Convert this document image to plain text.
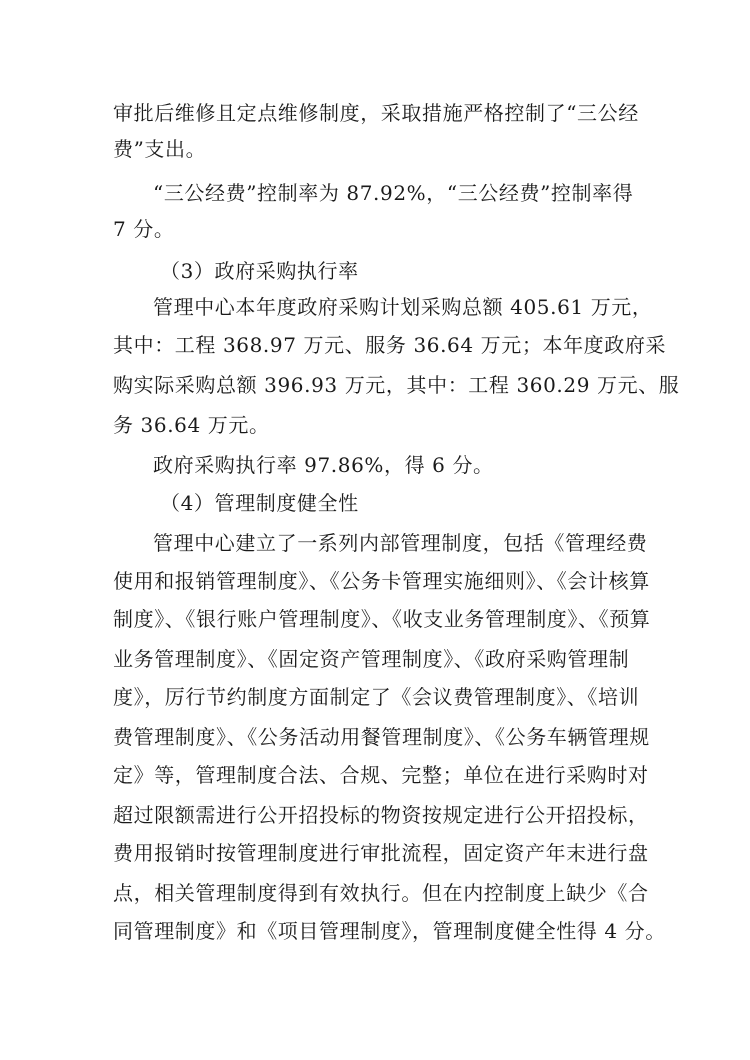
审批后维修且定点维修制度，采取措施严格控制了“三公经
费”支出。
“三公经费”控制率为 87.92%，“三公经费”控制率得
7 分。
（3）政府采购执行率
管理中心本年度政府采购计划采购总额 405.61 万元，
其中：工程 368.97 万元、服务 36.64 万元；本年度政府采
购实际采购总额 396.93 万元，其中：工程 360.29 万元、服
务 36.64 万元。
政府采购执行率 97.86%，得 6 分。
（4）管理制度健全性
管理中心建立了一系列内部管理制度，包括《管理经费
使用和报销管理制度》、《公务卡管理实施细则》、《会计核算
制度》、《银行账户管理制度》、《收支业务管理制度》、《预算
业务管理制度》、《固定资产管理制度》、《政府采购管理制
度》，厉行节约制度方面制定了《会议费管理制度》、《培训
费管理制度》、《公务活动用餐管理制度》、《公务车辆管理规
定》等，管理制度合法、合规、完整；单位在进行采购时对
超过限额需进行公开招投标的物资按规定进行公开招投标，
费用报销时按管理制度进行审批流程，固定资产年末进行盘
点，相关管理制度得到有效执行。但在内控制度上缺少《合
同管理制度》和《项目管理制度》，管理制度健全性得 4 分。
